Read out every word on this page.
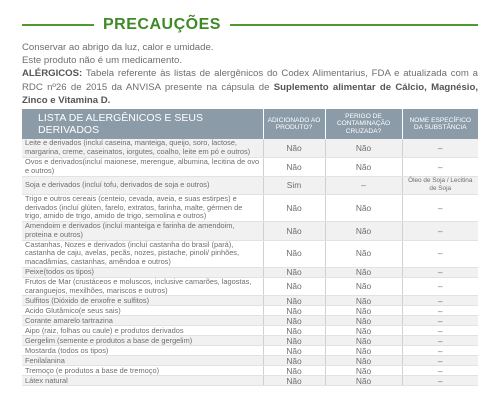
PRECAUÇÕES

Conservar ao abrigo da luz, calor e umidade.

Este produto não é um medicamento.

ALÉRGICOS: Tabela referente às listas de alergênicos do Codex Alimentarius, FDA e atualizada com a RDC nº26 de 2015 da ANVISA presente na cápsula de Suplemento alimentar de Cálcio, Magnésio, Zinco e Vitamina D.

LISTA DE ALERGÊNICOS E SEUS DERIVADOS	ADICIONADO AO PRODUTO?	PERIGO DE CONTAMINAÇÃO CRUZADA?	NOME ESPECÍFICO DA SUBSTÂNCIA
Leite e derivados (incluí caseina, manteiga, queijo, soro, lactose, margarina, creme, caseinatos, iorgutes, coalho, leite em pó e outros)	Não	Não	–
Ovos e derivados(incluí maionese, merengue, albumina, lecitina de ovo e outros)	Não	Não	–
Soja e derivados (incluí tofu, derivados de soja e outros)	Sim	–	Óleo de Soja / Lecitina de Soja
Trigo e outros cereais (centeio, cevada, aveia, e suas estirpes) e derivados (incluí glúten, farelo, extratos, farinha, malte, gérmen de trigo, amido de trigo, amido de trigo, semolina e outros)	Não	Não	–
Amendoim e derivados (incluí manteiga e farinha de amendoim, proteina e outros)	Não	Não	–
Castanhas, Nozes e derivados (incluí castanha do brasil (pará), castanha de caju, avelas, pecãs, nozes, pistache, pinoli/ pinhões, macadâmias, castanhas, amêndoa e outros)	Não	Não	–
Peixe(todos os tipos)	Não	Não	–
Frutos de Mar (crustáceos e moluscos, inclusive camarões, lagostas, caranguejos, mexilhões, mariscos e outros)	Não	Não	–
Sulfitos (Dióxido de enxofre e sulfitos)	Não	Não	–
Acido Glutâmico(e seus sais)	Não	Não	–
Corante amarelo tartrazina	Não	Não	–
Aipo (raiz, folhas ou caule) e produtos derivados	Não	Não	–
Gergelim (semente e produtos a base de gergelim)	Não	Não	–
Mostarda (todos os tipos)	Não	Não	–
Fenilalanina	Não	Não	–
Tremoço (e produtos a base de tremoço)	Não	Não	–
Látex natural	Não	Não	–
